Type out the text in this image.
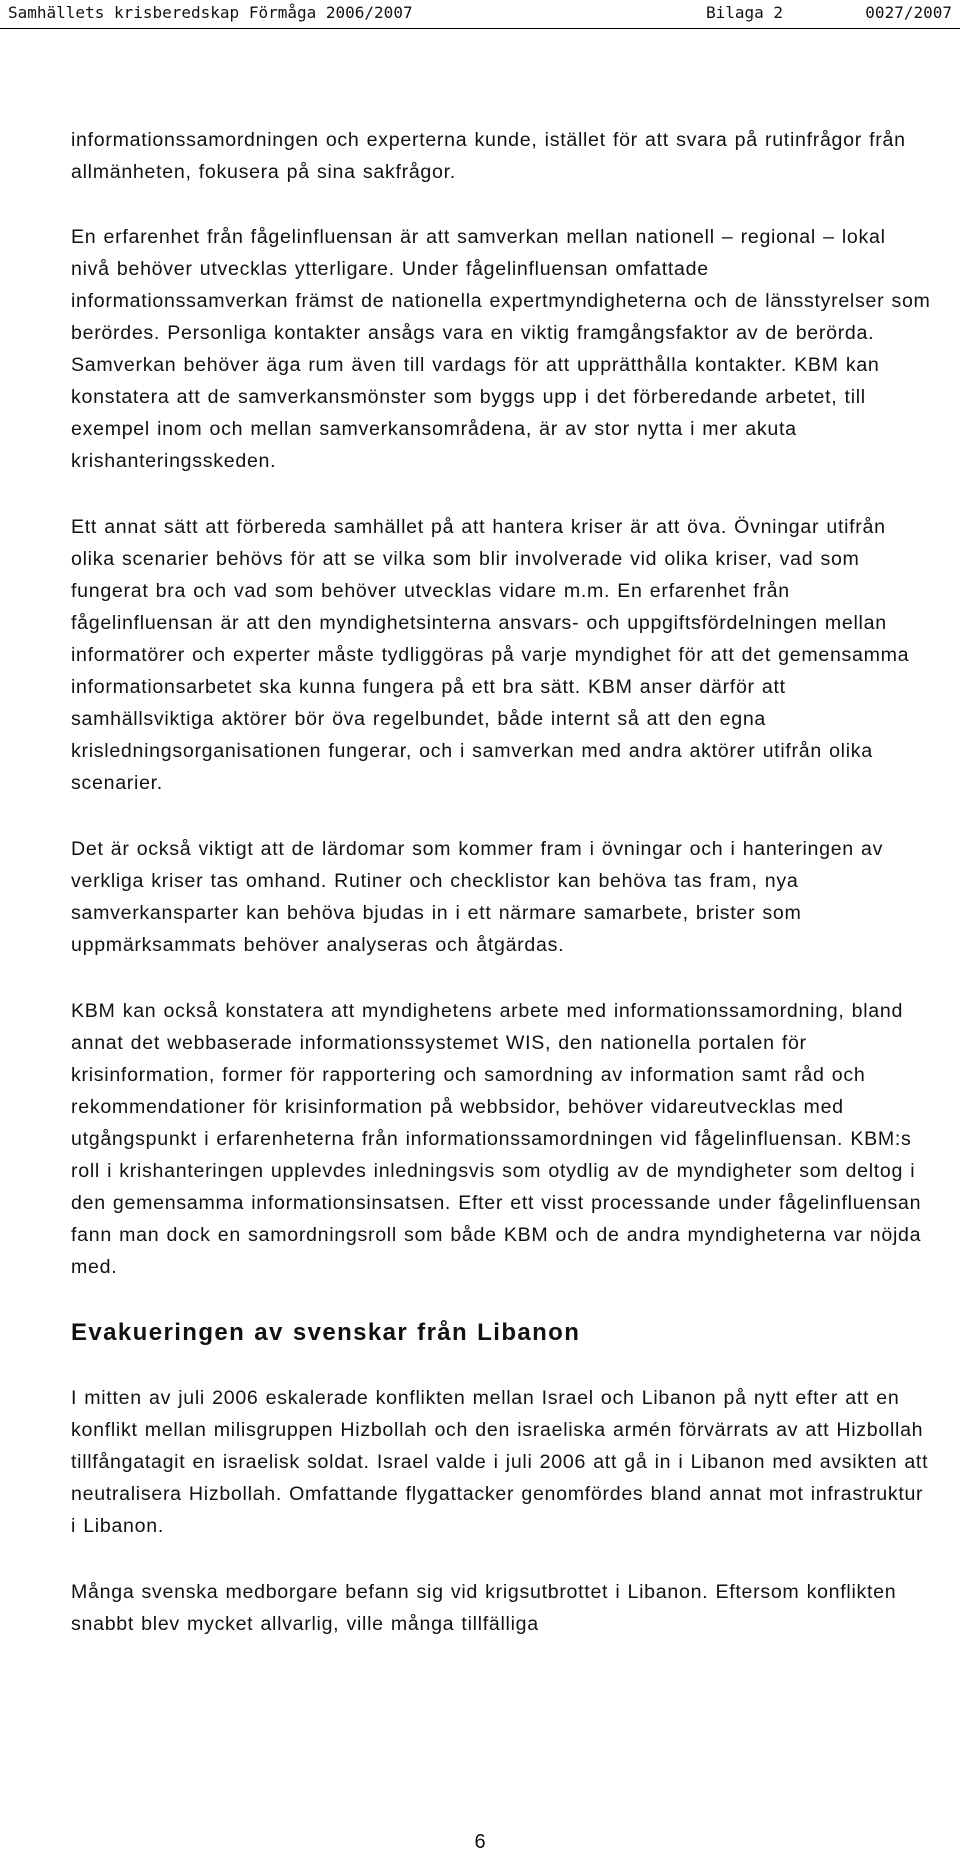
Samhällets krisberedskap Förmåga 2006/2007	Bilaga 2	0027/2007

informationssamordningen och experterna kunde, istället för att svara på rutinfrågor från allmänheten, fokusera på sina sakfrågor.

En erfarenhet från fågelinfluensan är att samverkan mellan nationell – regional – lokal nivå behöver utvecklas ytterligare. Under fågelinfluensan omfattade informationssamverkan främst de nationella expertmyndigheterna och de länsstyrelser som berördes. Personliga kontakter ansågs vara en viktig framgångsfaktor av de berörda. Samverkan behöver äga rum även till vardags för att upprätthålla kontakter. KBM kan konstatera att de samverkansmönster som byggs upp i det förberedande arbetet, till exempel inom och mellan samverkansområdena, är av stor nytta i mer akuta krishanteringsskeden.

Ett annat sätt att förbereda samhället på att hantera kriser är att öva. Övningar utifrån olika scenarier behövs för att se vilka som blir involverade vid olika kriser, vad som fungerat bra och vad som behöver utvecklas vidare m.m. En erfarenhet från fågelinfluensan är att den myndighetsinterna ansvars- och uppgiftsfördelningen mellan informatörer och experter måste tydliggöras på varje myndighet för att det gemensamma informationsarbetet ska kunna fungera på ett bra sätt. KBM anser därför att samhällsviktiga aktörer bör öva regelbundet, både internt så att den egna krisledningsorganisationen fungerar, och i samverkan med andra aktörer utifrån olika scenarier.

Det är också viktigt att de lärdomar som kommer fram i övningar och i hanteringen av verkliga kriser tas omhand. Rutiner och checklistor kan behöva tas fram, nya samverkansparter kan behöva bjudas in i ett närmare samarbete, brister som uppmärksammats behöver analyseras och åtgärdas.

KBM kan också konstatera att myndighetens arbete med informationssamordning, bland annat det webbaserade informationssystemet WIS, den nationella portalen för krisinformation, former för rapportering och samordning av information samt råd och rekommendationer för krisinformation på webbsidor, behöver vidareutvecklas med utgångspunkt i erfarenheterna från informationssamordningen vid fågelinfluensan. KBM:s roll i krishanteringen upplevdes inledningsvis som otydlig av de myndigheter som deltog i den gemensamma informationsinsatsen. Efter ett visst processande under fågelinfluensan fann man dock en samordningsroll som både KBM och de andra myndigheterna var nöjda med.

Evakueringen av svenskar från Libanon

I mitten av juli 2006 eskalerade konflikten mellan Israel och Libanon på nytt efter att en konflikt mellan milisgruppen Hizbollah och den israeliska armén förvärrats av att Hizbollah tillfångatagit en israelisk soldat. Israel valde i juli 2006 att gå in i Libanon med avsikten att neutralisera Hizbollah. Omfattande flygattacker genomfördes bland annat mot infrastruktur i Libanon.

Många svenska medborgare befann sig vid krigsutbrottet i Libanon. Eftersom konflikten snabbt blev mycket allvarlig, ville många tillfälliga

6
